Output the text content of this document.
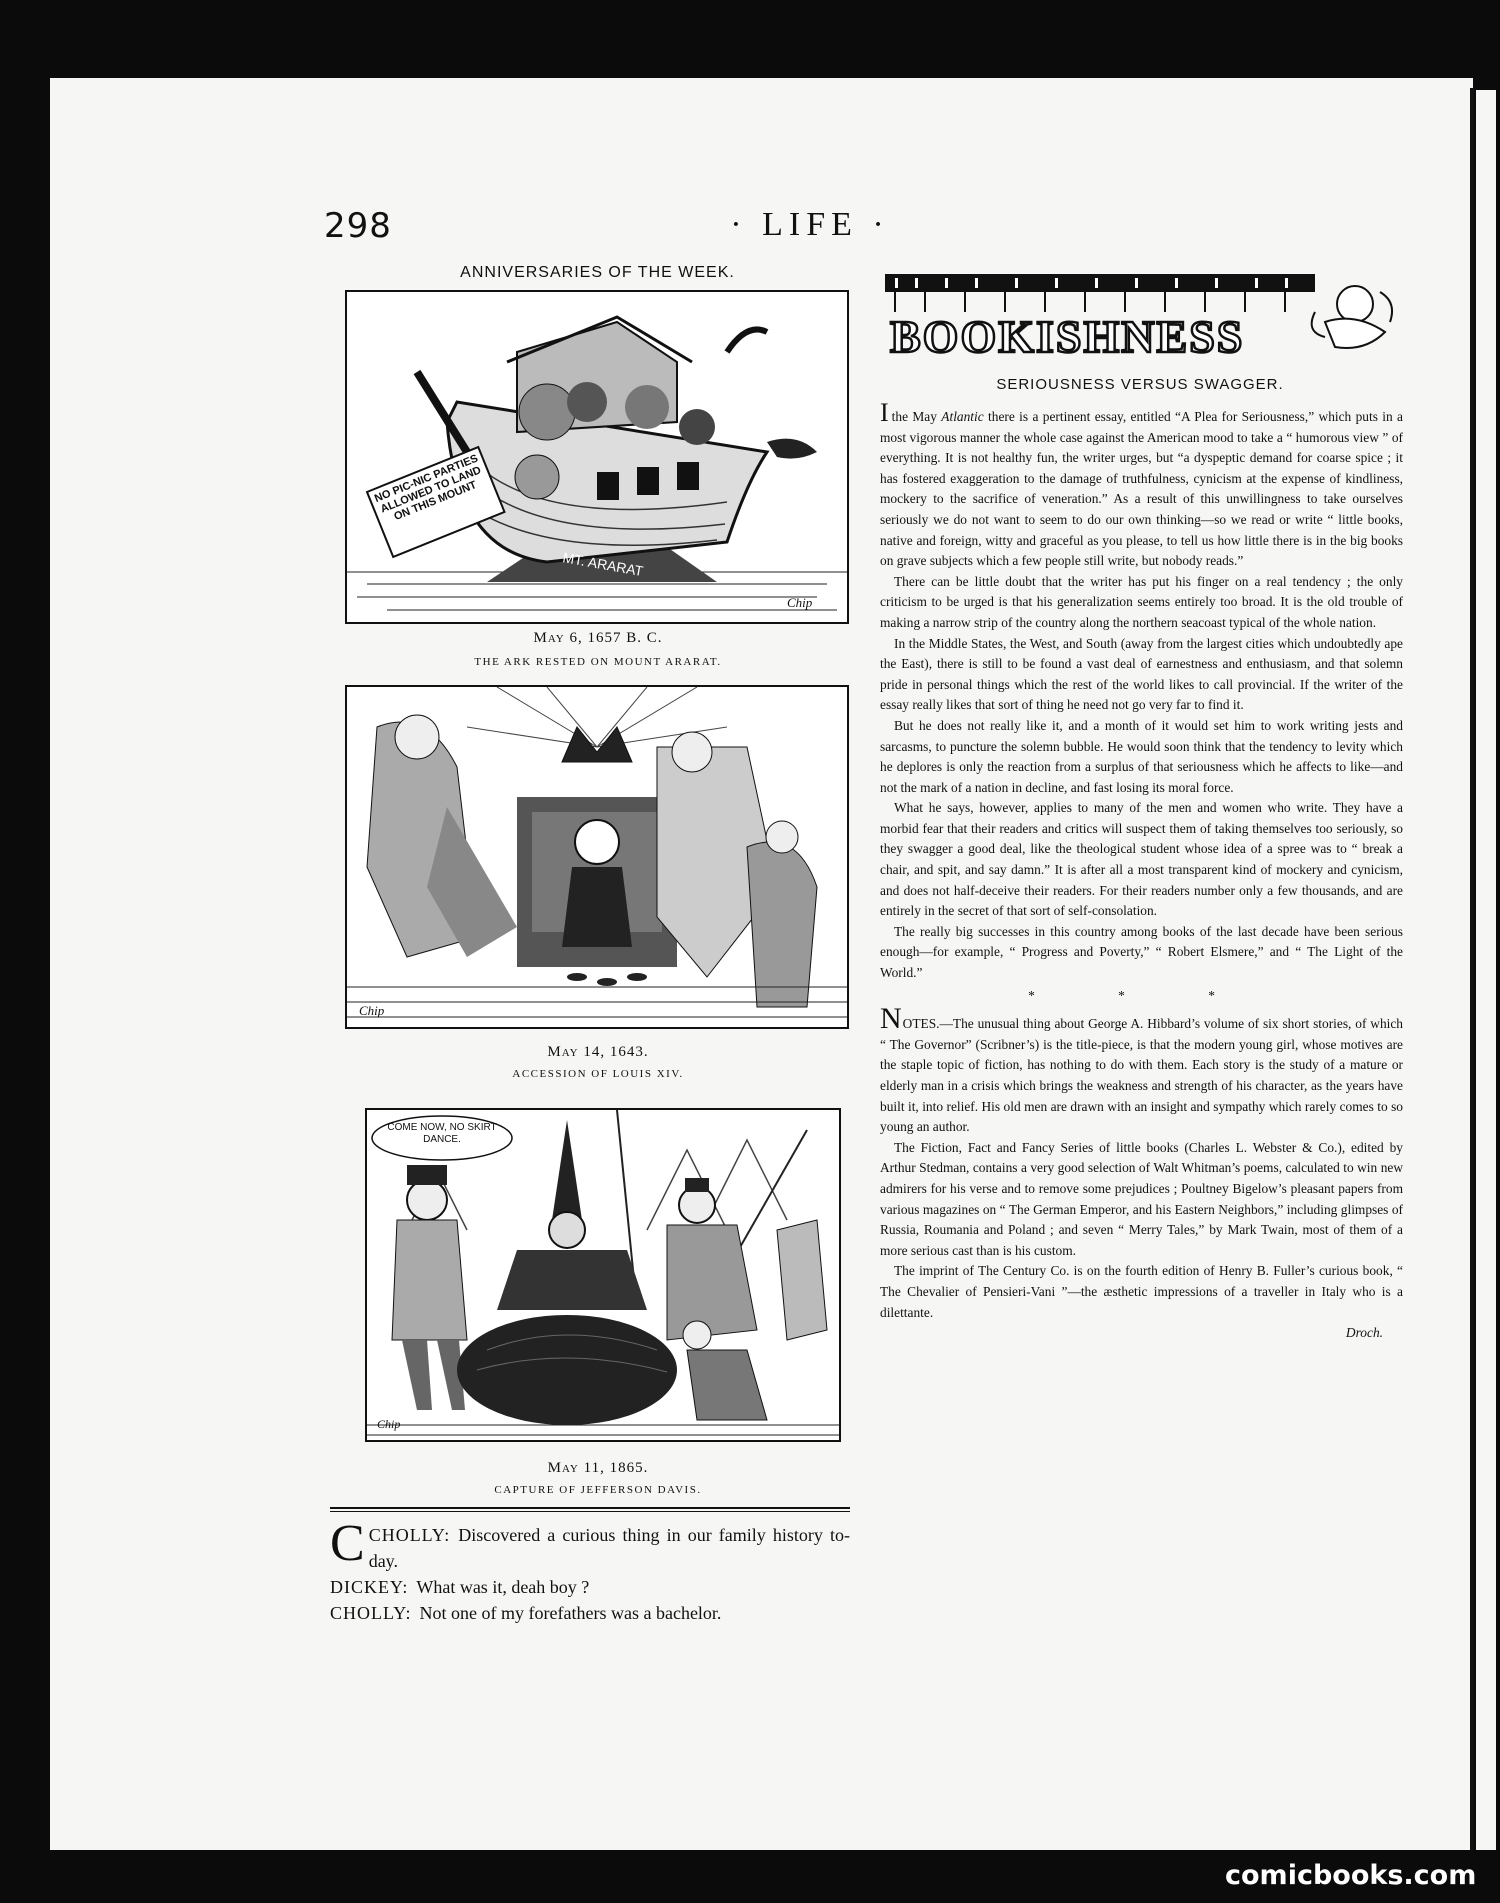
298	· LIFE ·
ANNIVERSARIES OF THE WEEK.
NO PIC-NIC PARTIES ALLOWED TO LAND ON THIS MOUNT
MT. ARARAT
Chip
May 6, 1657 B. C.
THE ARK RESTED ON MOUNT ARARAT.
Chip
May 14, 1643.
ACCESSION OF LOUIS XIV.
COME NOW, NO SKIRT DANCE.
Chip
May 11, 1865.
CAPTURE OF JEFFERSON DAVIS.
CCHOLLY: Discovered a curious thing in our family history to-day.
DICKEY: What was it, deah boy ?
CHOLLY: Not one of my forefathers was a bachelor.
BOOKISHNESS
SERIOUSNESS VERSUS SWAGGER.

Ithe May Atlantic there is a pertinent essay, entitled “A Plea for Seriousness,” which puts in a most vigorous manner the whole case against the American mood to take a “ humorous view ” of everything. It is not healthy fun, the writer urges, but “a dyspeptic demand for coarse spice ; it has fostered exaggeration to the damage of truthfulness, cynicism at the expense of kindliness, mockery to the sacrifice of veneration.” As a result of this unwillingness to take ourselves seriously we do not want to seem to do our own thinking—so we read or write “ little books, native and foreign, witty and graceful as you please, to tell us how little there is in the big books on grave subjects which a few people still write, but nobody reads.”

There can be little doubt that the writer has put his finger on a real tendency ; the only criticism to be urged is that his generalization seems entirely too broad. It is the old trouble of making a narrow strip of the country along the northern seacoast typical of the whole nation.

In the Middle States, the West, and South (away from the largest cities which undoubtedly ape the East), there is still to be found a vast deal of earnestness and enthusiasm, and that solemn pride in personal things which the rest of the world likes to call provincial. If the writer of the essay really likes that sort of thing he need not go very far to find it.

But he does not really like it, and a month of it would set him to work writing jests and sarcasms, to puncture the solemn bubble. He would soon think that the tendency to levity which he deplores is only the reaction from a surplus of that seriousness which he affects to like—and not the mark of a nation in decline, and fast losing its moral force.

What he says, however, applies to many of the men and women who write. They have a morbid fear that their readers and critics will suspect them of taking themselves too seriously, so they swagger a good deal, like the theological student whose idea of a spree was to “ break a chair, and spit, and say damn.” It is after all a most transparent kind of mockery and cynicism, and does not half-deceive their readers. For their readers number only a few thousands, and are entirely in the secret of that sort of self-consolation.

The really big successes in this country among books of the last decade have been serious enough—for example, “ Progress and Poverty,” “ Robert Elsmere,” and “ The Light of the World.”

* * *

NOTES.—The unusual thing about George A. Hibbard’s volume of six short stories, of which “ The Governor” (Scribner’s) is the title-piece, is that the modern young girl, whose motives are the staple topic of fiction, has nothing to do with them. Each story is the study of a mature or elderly man in a crisis which brings the weakness and strength of his character, as the years have built it, into relief. His old men are drawn with an insight and sympathy which rarely comes to so young an author.

The Fiction, Fact and Fancy Series of little books (Charles L. Webster & Co.), edited by Arthur Stedman, contains a very good selection of Walt Whitman’s poems, calculated to win new admirers for his verse and to remove some prejudices ; Poultney Bigelow’s pleasant papers from various magazines on “ The German Emperor, and his Eastern Neighbors,” including glimpses of Russia, Roumania and Poland ; and seven “ Merry Tales,” by Mark Twain, most of them of a more serious cast than is his custom.

The imprint of The Century Co. is on the fourth edition of Henry B. Fuller’s curious book, “ The Chevalier of Pensieri-Vani ”—the æsthetic impressions of a traveller in Italy who is a dilettante.

Droch.

comicbooks.com
